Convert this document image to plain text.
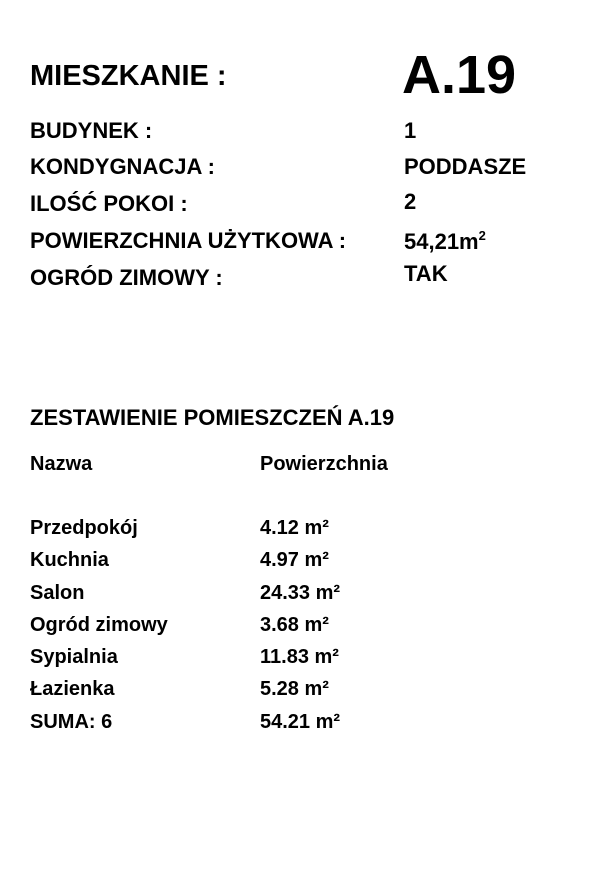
MIESZKANIE :	A.19
BUDYNEK :	1
KONDYGNACJA :	PODDASZE
ILOŚĆ POKOI :	2
POWIERZCHNIA UŻYTKOWA :	$54,21m^2$
OGRÓD ZIMOWY :	TAK
ZESTAWIENIE POMIESZCZEŃ A.19
Nazwa	Powierzchnia
Przedpokój	4.12 m²
Kuchnia	4.97 m²
Salon	24.33 m²
Ogród zimowy	3.68 m²
Sypialnia	11.83 m²
Łazienka	5.28 m²
SUMA: 6	54.21 m²
